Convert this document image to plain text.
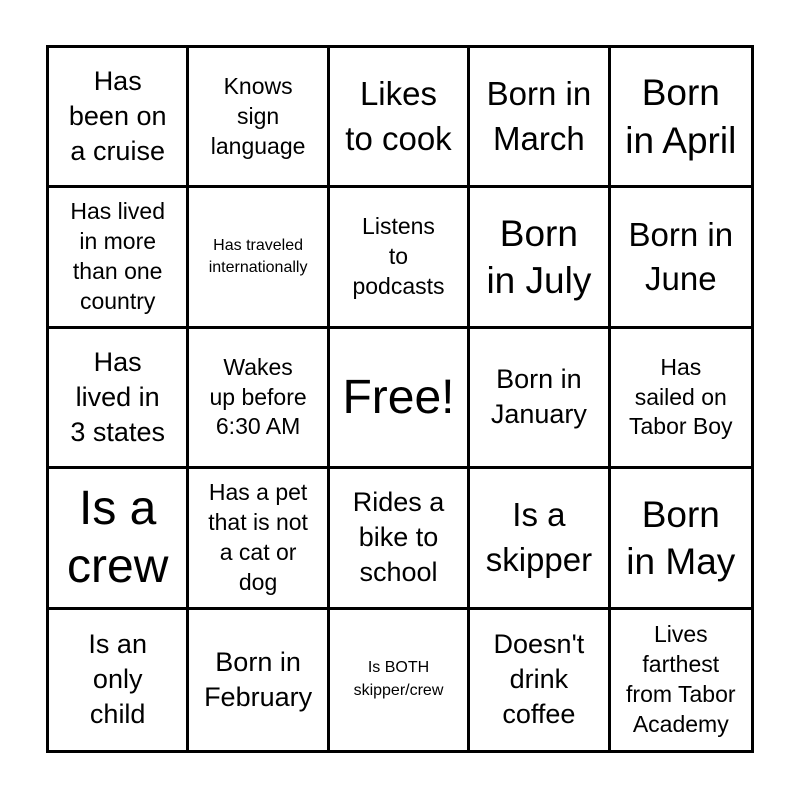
Has
been on
a cruise
Knows
sign
language
Likes
to cook
Born in
March
Born
in April
Has lived
in more
than one
country
Has traveled
internationally
Listens
to
podcasts
Born
in July
Born in
June
Has
lived in
3 states
Wakes
up before
6:30 AM
Free! Born in
January
Has
sailed on
Tabor Boy
Is a
crew
Has a pet
that is not
a cat or
dog
Rides a
bike to
school
Is a
skipper
Born
in May
Is an
only
child
Born in
February
Is BOTH
skipper/crew
Doesn't
drink
coffee
Lives
farthest
from Tabor
Academy
